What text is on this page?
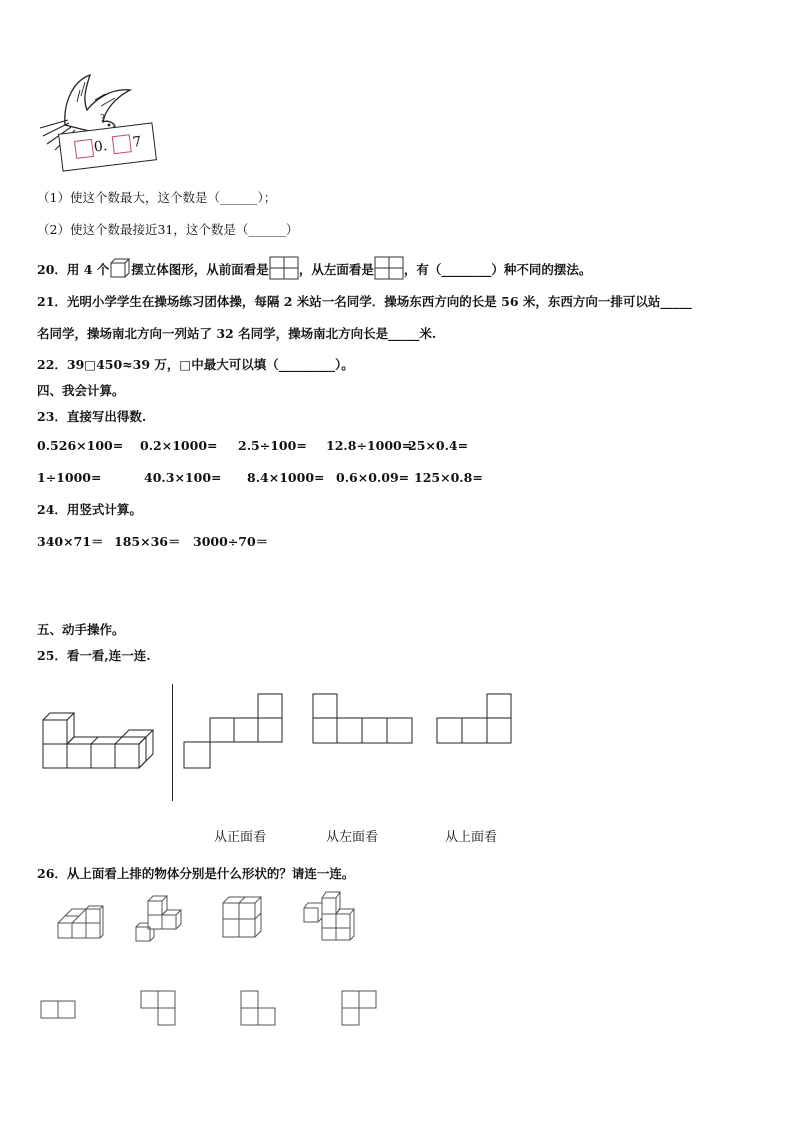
0. 7
?
（1）使这个数最大，这个数是（______）；
（2）使这个数最接近31，这个数是（______）
20．用 4 个 摆立体图形，从前面看是 ，从左面看是 ，有（________）种不同的摆法。
21．光明小学学生在操场练习团体操，每隔 2 米站一名同学．操场东西方向的长是 56 米，东西方向一排可以站_____
名同学，操场南北方向一列站了 32 名同学，操场南北方向长是_____米.
22．39□450≈39 万，□中最大可以填（_________）。
四、我会计算。
23．直接写出得数.
0.526×100= 0.2×1000= 2.5÷100= 12.8÷1000=
25×0.4=
1÷1000=	40.3×100= 8.4×1000= 0.6×0.09= 125×0.8=
24．用竖式计算。
340×71＝ 185×36＝ 3000÷70＝
五、动手操作。
25．看一看,连一连.
从正面看	从左面看	从上面看
26．从上面看上排的物体分别是什么形状的？请连一连。
